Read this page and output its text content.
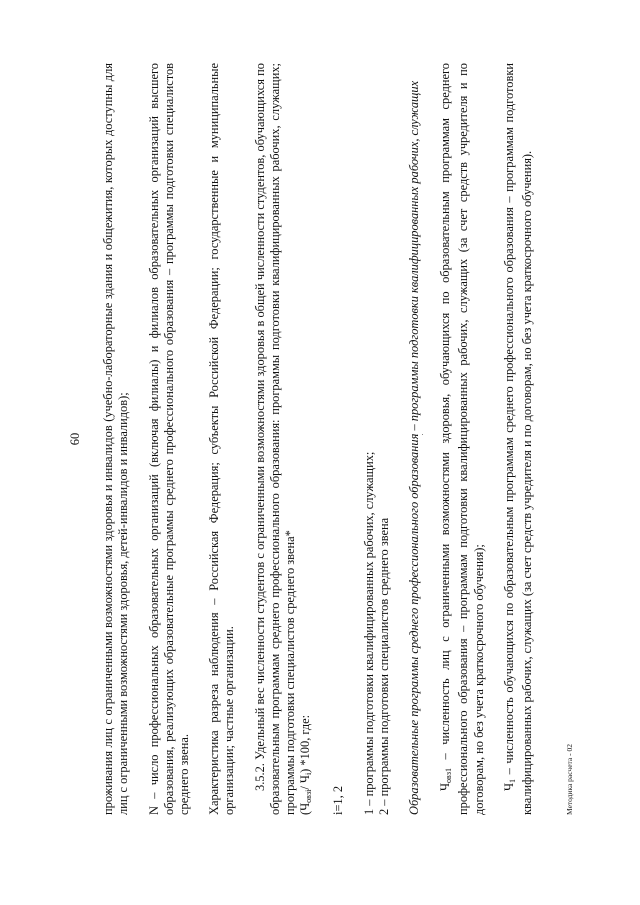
60 проживания лиц с ограниченными возможностями здоровья и инвалидов (учебно-лабораторные здания и общежития, которых доступны для лиц с ограниченными возможностями здоровья, детей-инвалидов и инвалидов); N – число профессиональных образовательных организаций (включая филиалы) и филиалов образовательных организаций высшего образования, реализующих образовательные программы среднего профессионального образования – программы подготовки специалистов среднего звена. Характеристика разреза наблюдения – Российская Федерация; субъекты Российской Федерации; государственные и муниципальные организации; частные организации. 3.5.2. Удельный вес численности студентов с ограниченными возможностями здоровья в общей численности студентов, обучающихся по образовательным программам среднего профессионального образования: программы подготовки квалифицированных рабочих, служащих; программы подготовки специалистов среднего звена* ($Ч_{овзi}/$ $Ч_i$) *100, где:

i=1, 2 1 – программы подготовки квалифицированных рабочих, служащих; 2 – программы подготовки специалистов среднего звена Образовательные программы среднего профессионального образования – программы подготовки квалифицированных рабочих, служащих $Ч_{овз1}$ – численность лиц с ограниченными возможностями здоровья, обучающихся по образовательным программам среднего профессионального образования – программам подготовки квалифицированных рабочих, служащих (за счет средств учредителя и по договорам, но без учета краткосрочного обучения); $Ч_1$ – численность обучающихся по образовательным программам среднего профессионального образования – программам подготовки квалифицированных рабочих, служащих (за счет средств учредителя и по договорам, но без учета краткосрочного обучения).	Методика расчета - 02
